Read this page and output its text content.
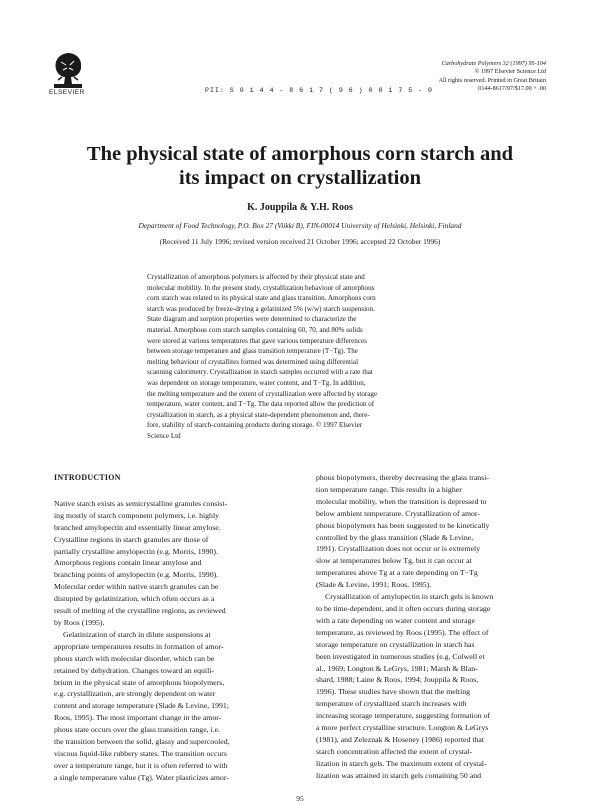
ELSEVIER	PII: S 0 1 4 4 - 8 6 1 7 ( 9 6 ) 0 0 1 7 5 - 0
Carbohydrate Polymers 32 (1997) 95-104
© 1997 Elsevier Science Ltd
All rights reserved. Printed in Great Britain
0144-8617/97/$17.00 + .00
The physical state of amorphous corn starch and
its impact on crystallization
K. Jouppila & Y.H. Roos
Department of Food Technology, P.O. Box 27 (Viikki B), FIN-00014 University of Helsinki, Helsinki, Finland
(Received 11 July 1996; revised version received 21 October 1996; accepted 22 October 1996)
Crystallization of amorphous polymers is affected by their physical state and
molecular mobility. In the present study, crystallization behaviour of amorphous
corn starch was related to its physical state and glass transition. Amorphous corn
starch was produced by freeze-drying a gelatinized 5% (w/w) starch suspension.
State diagram and sorption properties were determined to characterize the
material. Amorphous corn starch samples containing 60, 70, and 80% solids
were stored at various temperatures that gave various temperature differences
between storage temperature and glass transition temperature (T−Tg). The
melting behaviour of crystallites formed was determined using differential
scanning calorimetry. Crystallization in starch samples occurred with a rate that
was dependent on storage temperature, water content, and T−Tg. In addition,
the melting temperature and the extent of crystallization were affected by storage
temperature, water content, and T−Tg. The data reported allow the prediction of
crystallization in starch, as a physical state-dependent phenomenon and, there-
fore, stability of starch-containing products during storage. © 1997 Elsevier
Science Ltd
INTRODUCTION
Native starch exists as semicrystalline granules consist-
ing mostly of starch component polymers, i.e. highly
branched amylopectin and essentially linear amylose.
Crystalline regions in starch granules are those of
partially crystalline amylopectin (e.g. Morris, 1990).
Amorphous regions contain linear amylose and
branching points of amylopectin (e.g. Morris, 1990).
Molecular order within native starch granules can be
disrupted by gelatinization, which often occurs as a
result of melting of the crystalline regions, as reviewed
by Roos (1995).
Gelatinization of starch in dilute suspensions at
appropriate temperatures results in formation of amor-
phous starch with molecular disorder, which can be
retained by dehydration. Changes toward an equili-
brium in the physical state of amorphous biopolymers,
e.g. crystallization, are strongly dependent on water
content and storage temperature (Slade & Levine, 1991;
Roos, 1995). The most important change in the amor-
phous state occurs over the glass transition range, i.e.
the transition between the solid, glassy and supercooled,
viscous liquid-like rubbery states. The transition occurs
over a temperature range, but it is often referred to with
a single temperature value (Tg). Water plasticizes amor-
phous biopolymers, thereby decreasing the glass transi-
tion temperature range. This results in a higher
molecular mobility, when the transition is depressed to
below ambient temperature. Crystallization of amor-
phous biopolymers has been suggested to be kinetically
controlled by the glass transition (Slade & Levine,
1991). Crystallization does not occur or is extremely
slow at temperatures below Tg, but it can occur at
temperatures above Tg at a rate depending on T−Tg
(Slade & Levine, 1991; Roos, 1995).
Crystallization of amylopectin in starch gels is known
to be time-dependent, and it often occurs during storage
with a rate depending on water content and storage
temperature, as reviewed by Roos (1995). The effect of
storage temperature on crystallization in starch has
been investigated in numerous studies (e.g. Colwell et
al., 1969; Longton & LeGrys, 1981; Marsh & Blan-
shard, 1988; Laine & Roos, 1994; Jouppila & Roos,
1996). These studies have shown that the melting
temperature of crystallized starch increases with
increasing storage temperature, suggesting formation of
a more perfect crystalline structure. Longton & LeGrys
(1981), and Zeleznak & Hoseney (1986) reported that
starch concentration affected the extent of crystal-
lization in starch gels. The maximum extent of crystal-
lization was attained in starch gels containing 50 and
95
